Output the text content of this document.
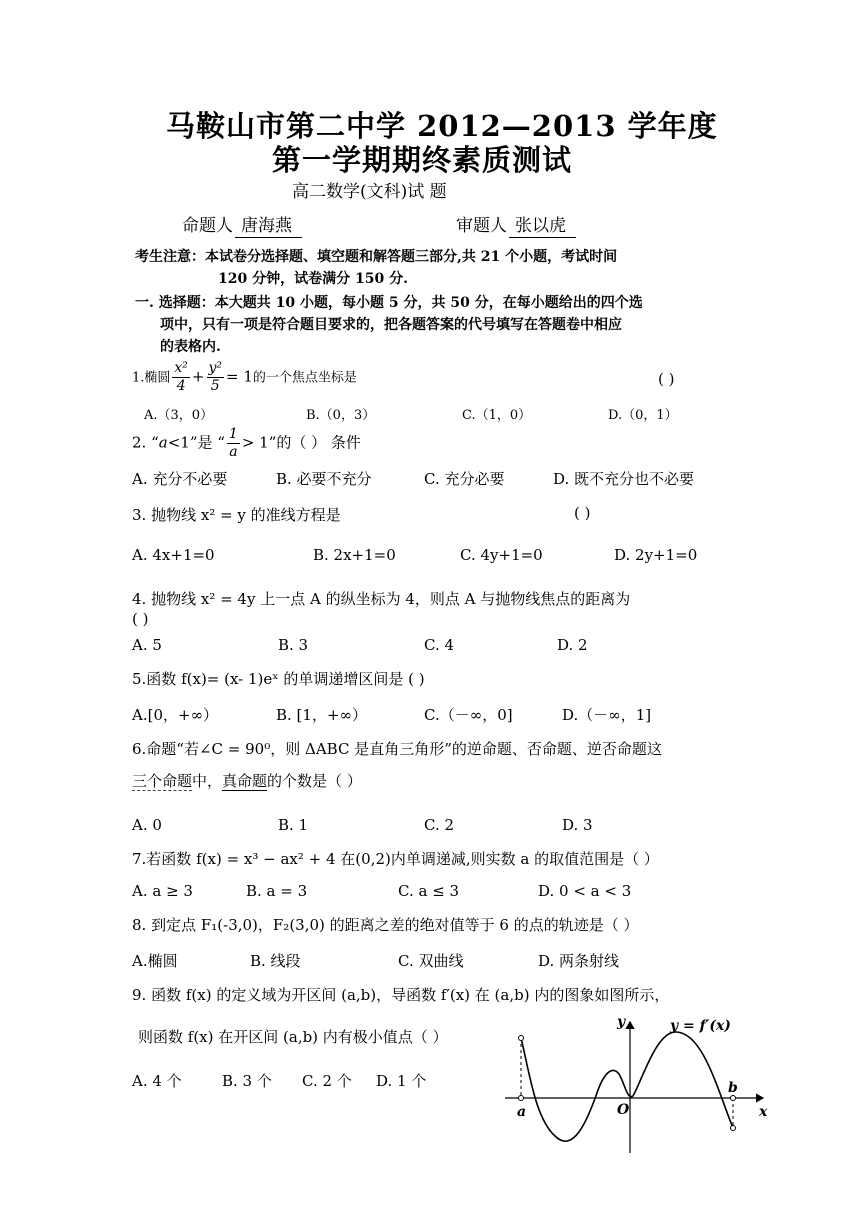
马鞍山市第二中学 2012—2013 学年度
第一学期期终素质测试
高二数学(文科)试 题
命题人 唐海燕	审题人 张以虎
考生注意：本试卷分选择题、填空题和解答题三部分,共 21 个小题，考试时间
120 分钟，试卷满分 150 分.
一. 选择题：本大题共 10 小题，每小题 5 分，共 50 分，在每小题给出的四个选
项中，只有一项是符合题目要求的，把各题答案的代号填写在答题卷中相应
的表格内.
1.椭圆 $\frac{\text{x²}}{4} + \frac{\text{y²}}{5} = 1$的一个焦点坐标是	( )
A.（3，0）	B.（0，3）	C.（1，0）	D.（0，1）
2. “a<1”是 “ $\frac{1}{a} > 1$”的（ ） 条件
A. 充分不必要	B. 必要不充分	C. 充分必要	D. 既不充分也不必要
3. 抛物线 x² = y 的准线方程是	( )
A. 4x+1=0	B. 2x+1=0	C. 4y+1=0	D. 2y+1=0
4. 抛物线 x² = 4y 上一点 A 的纵坐标为 4，则点 A 与抛物线焦点的距离为
( )
A. 5	B. 3	C. 4	D. 2
5.函数 f(x)= (x- 1)eˣ 的单调递增区间是 ( )
A.[0，+∞）	B. [1，+∞）	C.（－∞，0]	D.（－∞，1]
6.命题“若∠C = 90⁰，则 ΔABC 是直角三角形”的逆命题、否命题、逆否命题这
三个命题中，真命题的个数是（ ）
A. 0	B. 1	C. 2	D. 3
7.若函数 f(x) = x³ − ax² + 4 在(0,2)内单调递减,则实数 a 的取值范围是（ ）
A. a ≥ 3	B. a = 3	C. a ≤ 3	D. 0 < a < 3
8. 到定点 F₁(-3,0)，F₂(3,0) 的距离之差的绝对值等于 6 的点的轨迹是（ ）
A.椭圆	B. 线段	C. 双曲线	D. 两条射线
9. 函数 f(x) 的定义域为开区间 (a,b)，导函数 f′(x) 在 (a,b) 内的图象如图所示，
则函数 f(x) 在开区间 (a,b) 内有极小值点（ ）
A. 4 个	B. 3 个 C. 2 个 D. 1 个
y = f′(x)
y
x
O
a
b
